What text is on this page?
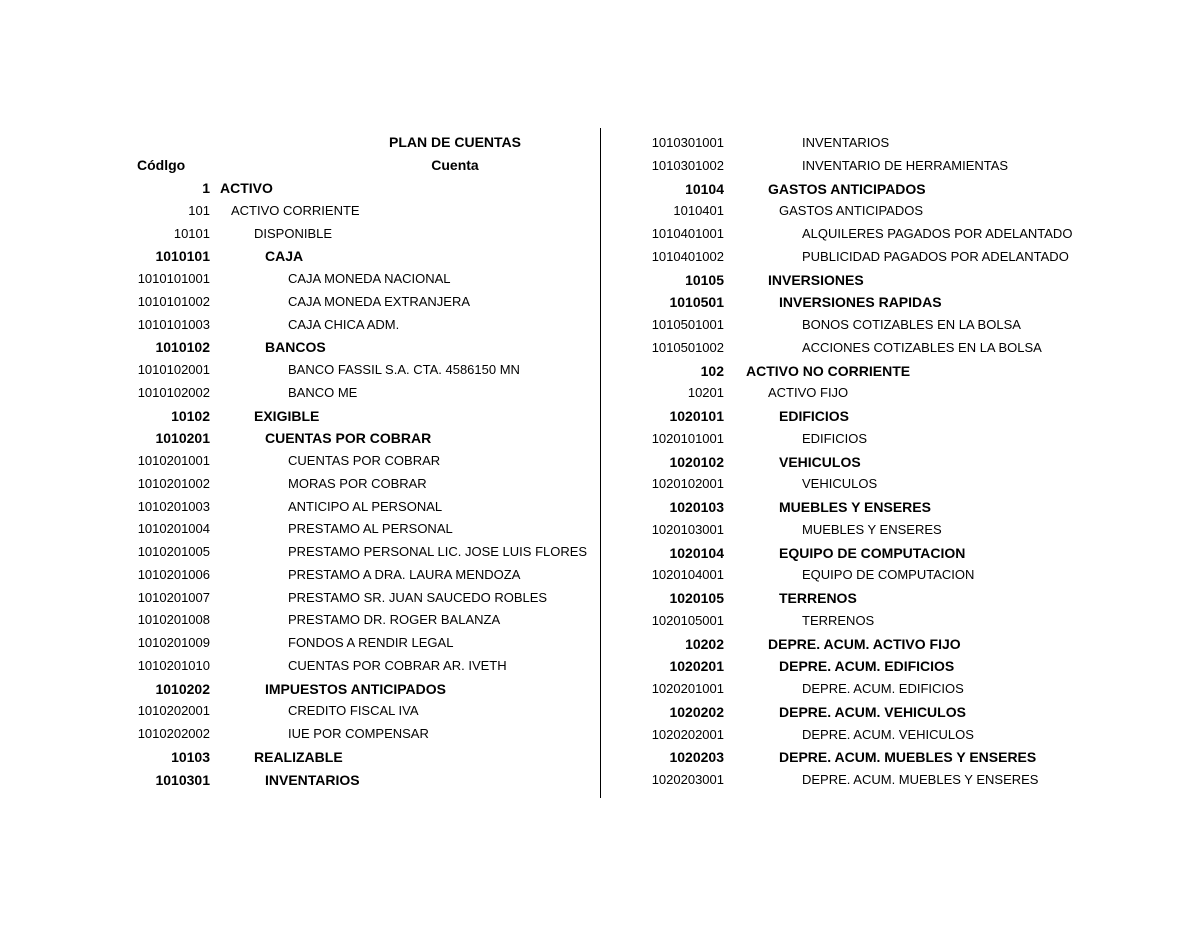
PLAN DE CUENTAS
Códlgo	Cuenta
1 ACTIVO
101 ACTIVO CORRIENTE
10101	DISPONIBLE
1010101	CAJA
1010101001	CAJA MONEDA NACIONAL
1010101002	CAJA MONEDA EXTRANJERA
1010101003	CAJA CHICA ADM.
1010102	BANCOS
1010102001	BANCO FASSIL S.A. CTA. 4586150 MN
1010102002	BANCO ME
10102	EXIGIBLE
1010201	CUENTAS POR COBRAR
1010201001	CUENTAS POR COBRAR
1010201002	MORAS POR COBRAR
1010201003	ANTICIPO AL PERSONAL
1010201004	PRESTAMO AL PERSONAL
1010201005	PRESTAMO PERSONAL LIC. JOSE LUIS FLORES
1010201006	PRESTAMO A DRA. LAURA MENDOZA
1010201007	PRESTAMO SR. JUAN SAUCEDO ROBLES
1010201008	PRESTAMO DR. ROGER BALANZA
1010201009	FONDOS A RENDIR LEGAL
1010201010	CUENTAS POR COBRAR AR. IVETH
1010202	IMPUESTOS ANTICIPADOS
1010202001	CREDITO FISCAL IVA
1010202002	IUE POR COMPENSAR
10103	REALIZABLE
1010301	INVENTARIOS
1010301001	INVENTARIOS
1010301002	INVENTARIO DE HERRAMIENTAS
10104	GASTOS ANTICIPADOS
1010401	GASTOS ANTICIPADOS
1010401001	ALQUILERES PAGADOS POR ADELANTADO
1010401002	PUBLICIDAD PAGADOS POR ADELANTADO
10105	INVERSIONES
1010501	INVERSIONES RAPIDAS
1010501001	BONOS COTIZABLES EN LA BOLSA
1010501002	ACCIONES COTIZABLES EN LA BOLSA
102 ACTIVO NO CORRIENTE
10201	ACTIVO FIJO
1020101	EDIFICIOS
1020101001	EDIFICIOS
1020102	VEHICULOS
1020102001	VEHICULOS
1020103	MUEBLES Y ENSERES
1020103001	MUEBLES Y ENSERES
1020104	EQUIPO DE COMPUTACION
1020104001	EQUIPO DE COMPUTACION
1020105	TERRENOS
1020105001	TERRENOS
10202	DEPRE. ACUM. ACTIVO FIJO
1020201	DEPRE. ACUM. EDIFICIOS
1020201001	DEPRE. ACUM. EDIFICIOS
1020202	DEPRE. ACUM. VEHICULOS
1020202001	DEPRE. ACUM. VEHICULOS
1020203	DEPRE. ACUM. MUEBLES Y ENSERES
1020203001	DEPRE. ACUM. MUEBLES Y ENSERES
